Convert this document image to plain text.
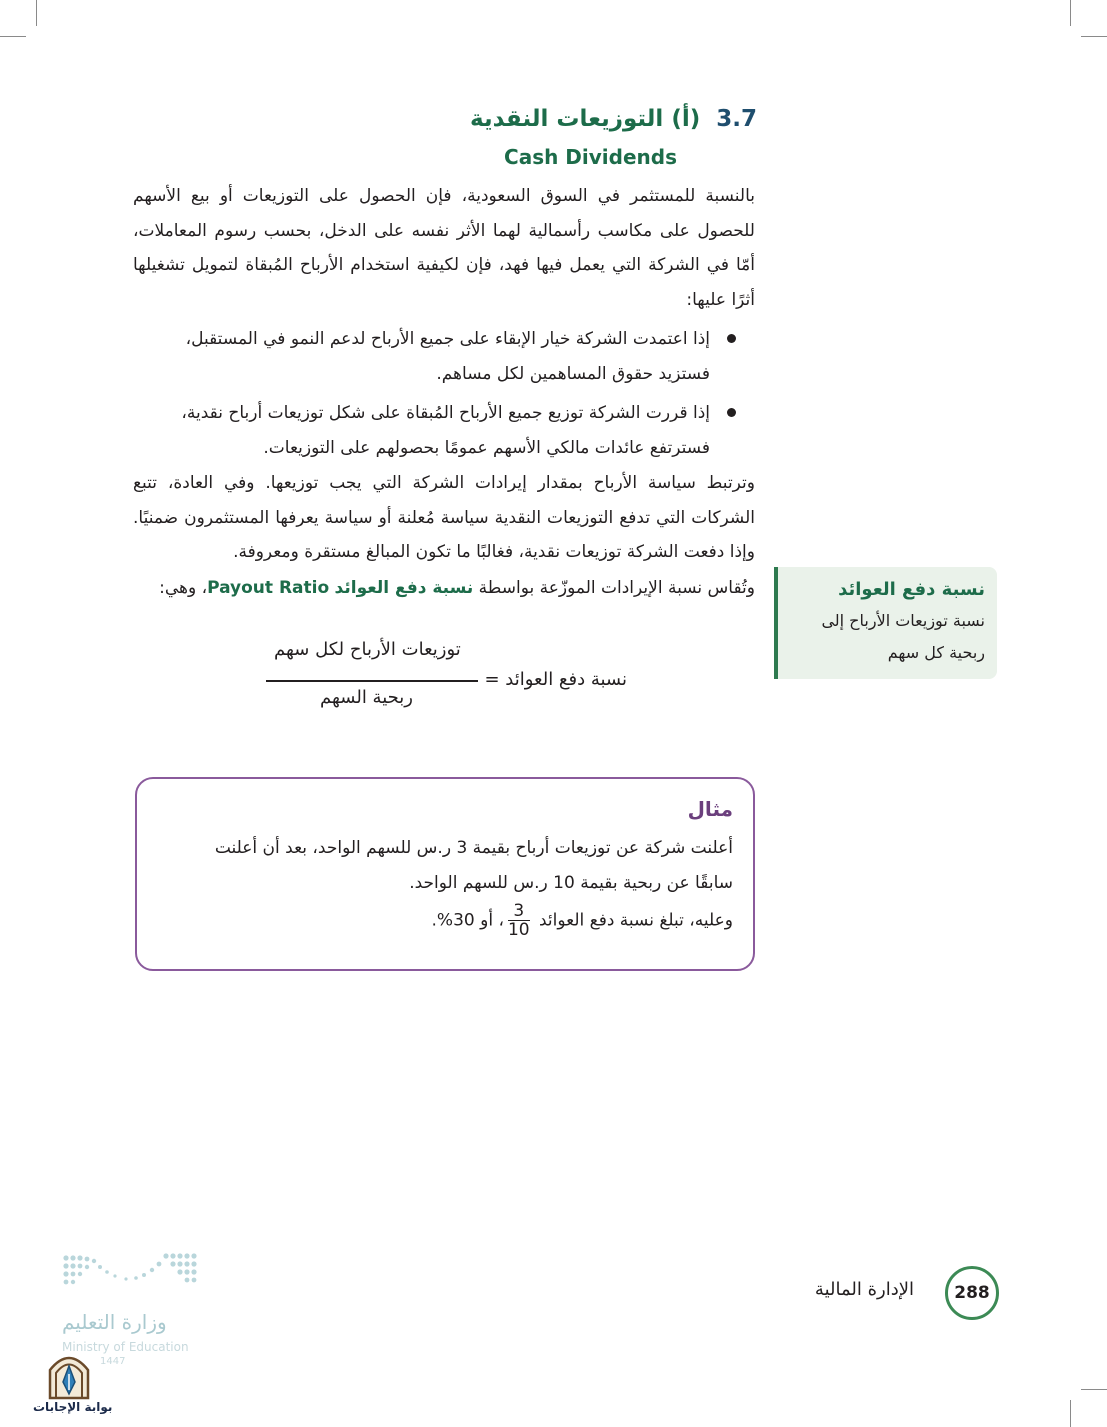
3.7 (أ) التوزيعات النقدية
Cash Dividends
بالنسبة للمستثمر في السوق السعودية، فإن الحصول على التوزيعات أو بيع الأسهم للحصول على مكاسب رأسمالية لهما الأثر نفسه على الدخل، بحسب رسوم المعاملات، أمّا في الشركة التي يعمل فيها فهد، فإن لكيفية استخدام الأرباح المُبقاة لتمويل تشغيلها أثرًا عليها:
إذا اعتمدت الشركة خيار الإبقاء على جميع الأرباح لدعم النمو في المستقبل، فستزيد حقوق المساهمين لكل مساهم.
إذا قررت الشركة توزيع جميع الأرباح المُبقاة على شكل توزيعات أرباح نقدية، فسترتفع عائدات مالكي الأسهم عمومًا بحصولهم على التوزيعات.
وترتبط سياسة الأرباح بمقدار إيرادات الشركة التي يجب توزيعها. وفي العادة، تتبع الشركات التي تدفع التوزيعات النقدية سياسة مُعلنة أو سياسة يعرفها المستثمرون ضمنيًا. وإذا دفعت الشركة توزيعات نقدية، فغالبًا ما تكون المبالغ مستقرة ومعروفة.
وتُقاس نسبة الإيرادات الموزّعة بواسطة نسبة دفع العوائد Payout Ratio، وهي:	نسبة دفع العوائد
نسبة توزيعات الأرباح إلى ربحية كل سهم
نسبة دفع العوائد =
توزيعات الأرباح لكل سهم
ربحية السهم
مثال
أعلنت شركة عن توزيعات أرباح بقيمة 3 ر.س للسهم الواحد، بعد أن أعلنت
سابقًا عن ربحية بقيمة 10 ر.س للسهم الواحد.
وعليه، تبلغ نسبة دفع العوائد
$\frac{3}{10}$
، أو 30%.
وزارة التعليم
Ministry of Education
1447
بوابة الإجابات
288
الإدارة المالية
